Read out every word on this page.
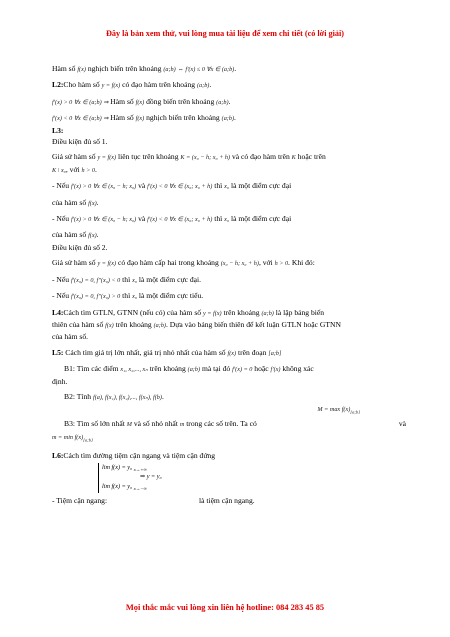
Đây là bản xem thử, vui lòng mua tài liệu để xem chi tiết (có lời giải)

Hàm số f(x) nghịch biến trên khoảng (a;b) ⇔ f'(x) ≤ 0 ∀x ∈ (a;b).

L2:Cho hàm số y = f(x) có đạo hàm trên khoảng (a;b).

f'(x) > 0 ∀x ∈ (a;b) ⇒ Hàm số f(x) đồng biến trên khoảng (a;b).

f'(x) < 0 ∀x ∈ (a;b) ⇒ Hàm số f(x) nghịch biến trên khoảng (a;b).

L3:

Điều kiện đủ số 1.

Giả sử hàm số y = f(x) liên tục trên khoảng K = (x₀ − h; x₀ + h) và có đạo hàm trên K hoặc trên

K \ x₀, với h > 0.

- Nếu f'(x) > 0 ∀x ∈ (x₀ − h; x₀) và f'(x) < 0 ∀x ∈ (x₀; x₀ + h) thì x₀ là một điểm cực đại

của hàm số f(x).

- Nếu f'(x) > 0 ∀x ∈ (x₀ − h; x₀) và f'(x) < 0 ∀x ∈ (x₀; x₀ + h) thì x₀ là một điểm cực đại

của hàm số f(x).

Điều kiện đủ số 2.

Giả sử hàm số y = f(x) có đạo hàm cấp hai trong khoảng (x₀ − h; x₀ + h), với h > 0. Khi đó:

- Nếu f'(x₀) = 0, f''(x₀) < 0 thì x₀ là một điểm cực đại.

- Nếu f'(x₀) = 0, f''(x₀) > 0 thì x₀ là một điểm cực tiểu.

L4:Cách tìm GTLN, GTNN (nếu có) của hàm số y = f(x) trên khoảng (a;b) là lập bảng biến

thiên của hàm số f(x) trên khoảng (a;b). Dựa vào bảng biến thiên để kết luận GTLN hoặc GTNN

của hàm số.

L5: Cách tìm giá trị lớn nhất, giá trị nhỏ nhất của hàm số f(x) trên đoạn [a;b]

B1: Tìm các điểm x₁, x₂,..., xₙ trên khoảng (a;b) mà tại đó f'(x) = 0 hoặc f'(x) không xác

định.

B2: Tính f(a), f(x₁), f(x₂),..., f(xₙ), f(b).

$M = \max f(x)_{[a;b]}$

B3: Tìm số lớn nhất M và số nhỏ nhất m trong các số trên. Ta có	và

$m = \min f(x)_{[a;b]}$

L6:Cách tìm đường tiệm cận ngang và tiệm cận đứng

lim f(x) = y₀ $_{x\to+\infty}$
⇒ y = y₀
lim f(x) = y₀ $_{x\to-\infty}$

- Tiệm cận ngang:	là tiệm cận ngang.

Mọi thắc mắc vui lòng xin liên hệ hotline: 084 283 45 85
